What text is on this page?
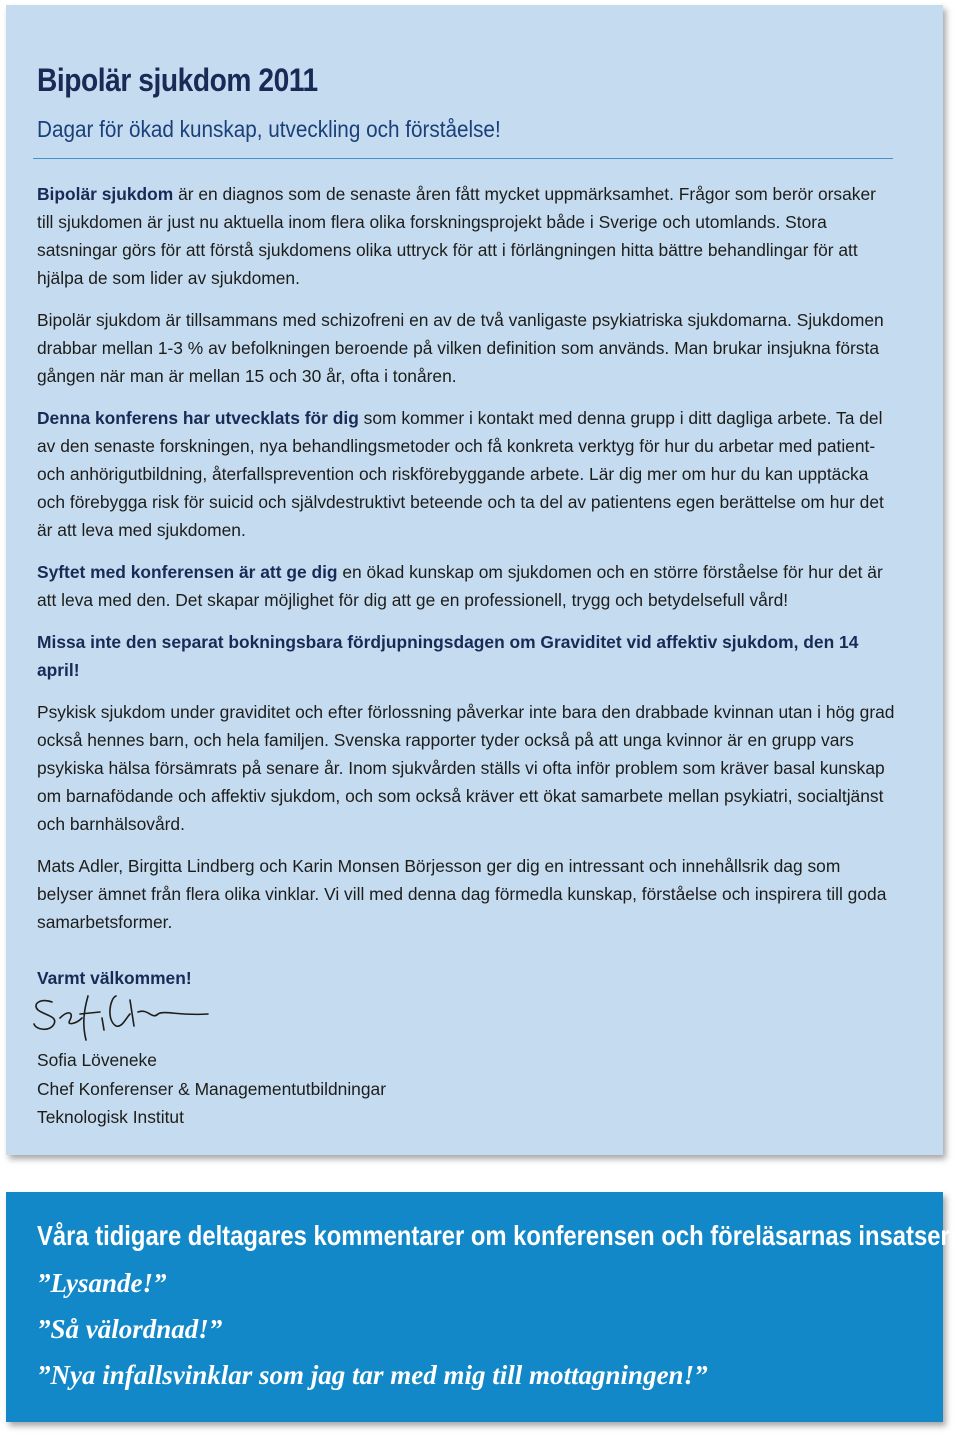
Bipolär sjukdom 2011
Dagar för ökad kunskap, utveckling och förståelse!

Bipolär sjukdom är en diagnos som de senaste åren fått mycket uppmärksamhet. Frågor som berör orsaker till sjukdomen är just nu aktuella inom flera olika forskningsprojekt både i Sverige och utomlands. Stora satsningar görs för att förstå sjukdomens olika uttryck för att i förlängningen hitta bättre behandlingar för att hjälpa de som lider av sjukdomen.

Bipolär sjukdom är tillsammans med schizofreni en av de två vanligaste psykiatriska sjukdomarna. Sjukdomen drabbar mellan 1-3 % av befolkningen beroende på vilken definition som används. Man brukar insjukna första gången när man är mellan 15 och 30 år, ofta i tonåren.

Denna konferens har utvecklats för dig som kommer i kontakt med denna grupp i ditt dagliga arbete. Ta del av den senaste forskningen, nya behandlingsmetoder och få konkreta verktyg för hur du arbetar med patient- och anhörigutbildning, återfallsprevention och riskförebyggande arbete. Lär dig mer om hur du kan upptäcka och förebygga risk för suicid och självdestruktivt beteende och ta del av patientens egen berättelse om hur det är att leva med sjukdomen.

Syftet med konferensen är att ge dig en ökad kunskap om sjukdomen och en större förståelse för hur det är att leva med den. Det skapar möjlighet för dig att ge en professionell, trygg och betydelsefull vård!

Missa inte den separat bokningsbara fördjupningsdagen om Graviditet vid affektiv sjukdom, den 14 april!

Psykisk sjukdom under graviditet och efter förlossning påverkar inte bara den drabbade kvinnan utan i hög grad också hennes barn, och hela familjen. Svenska rapporter tyder också på att unga kvinnor är en grupp vars psykiska hälsa försämrats på senare år. Inom sjukvården ställs vi ofta inför problem som kräver basal kunskap om barnafödande och affektiv sjukdom, och som också kräver ett ökat samarbete mellan psykiatri, socialtjänst och barnhälsovård.

Mats Adler, Birgitta Lindberg och Karin Monsen Börjesson ger dig en intressant och innehållsrik dag som belyser ämnet från flera olika vinklar. Vi vill med denna dag förmedla kunskap, förståelse och inspirera till goda samarbetsformer.

Varmt välkommen!

Sofia Löveneke
Chef Konferenser & Managementutbildningar
Teknologisk Institut
Våra tidigare deltagares kommentarer om konferensen och föreläsarnas insatser:
”Lysande!”
”Så välordnad!”
”Nya infallsvinklar som jag tar med mig till mottagningen!”
